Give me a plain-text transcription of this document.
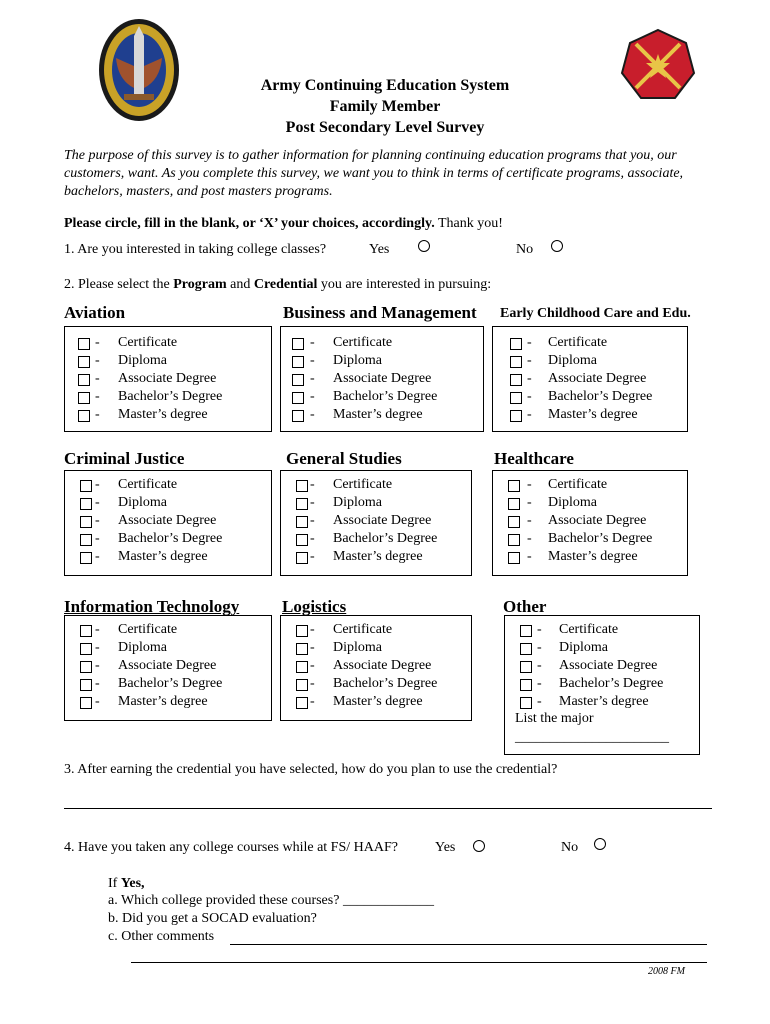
Army Continuing Education System
Family Member
Post Secondary Level Survey
The purpose of this survey is to gather information for planning continuing education programs that you, our customers, want. As you complete this survey, we want you to think in terms of certificate programs, associate, bachelors, masters, and post masters programs.
Please circle, fill in the blank, or ‘X’ your choices, accordingly. Thank you!
1. Are you interested in taking college classes?	Yes	No
2. Please select the Program and Credential you are interested in pursuing:
Aviation	Business and Management Early Childhood Care and Edu.
Criminal Justice	General Studies	Healthcare
Information Technology	Logistics	Other
List the major
______________________
- Certificate
- Diploma
- Associate Degree
- Bachelor’s Degree
- Master’s degree
- Certificate
- Diploma
- Associate Degree
- Bachelor’s Degree
- Master’s degree
- Certificate
- Diploma
- Associate Degree
- Bachelor’s Degree
- Master’s degree
- Certificate
- Diploma
- Associate Degree
- Bachelor’s Degree
- Master’s degree
- Certificate
- Diploma
- Associate Degree
- Bachelor’s Degree
- Master’s degree
- Certificate
- Diploma
- Associate Degree
- Bachelor’s Degree
- Master’s degree
- Certificate
- Diploma
- Associate Degree
- Bachelor’s Degree
- Master’s degree
- Certificate
- Diploma
- Associate Degree
- Bachelor’s Degree
- Master’s degree
- Certificate
- Diploma
- Associate Degree
- Bachelor’s Degree
- Master’s degree
3. After earning the credential you have selected, how do you plan to use the credential?
4. Have you taken any college courses while at FS/ HAAF?	Yes	No
If Yes,
a. Which college provided these courses? _____________
b. Did you get a SOCAD evaluation?
c. Other comments
2008 FM
